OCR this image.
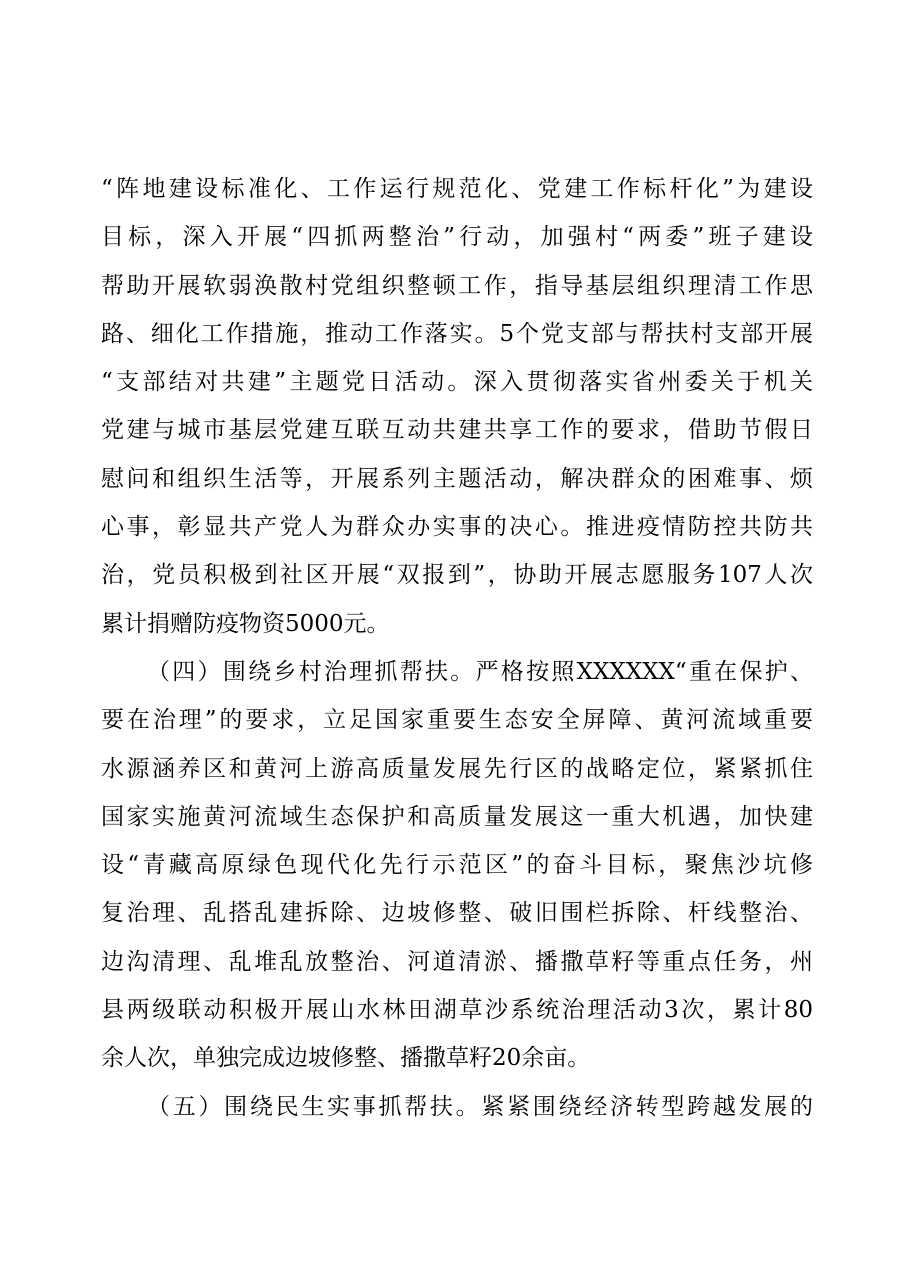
“阵地建设标准化、工作运行规范化、党建工作标杆化”为建设
目标，深入开展“四抓两整治”行动，加强村“两委”班子建设
帮助开展软弱涣散村党组织整顿工作，指导基层组织理清工作思
路、细化工作措施，推动工作落实。5个党支部与帮扶村支部开展
“支部结对共建”主题党日活动。深入贯彻落实省州委关于机关
党建与城市基层党建互联互动共建共享工作的要求，借助节假日
慰问和组织生活等，开展系列主题活动，解决群众的困难事、烦
心事，彰显共产党人为群众办实事的决心。推进疫情防控共防共
治，党员积极到社区开展“双报到”，协助开展志愿服务107人次
累计捐赠防疫物资5000元。
（四）围绕乡村治理抓帮扶。严格按照XXXXXX“重在保护、
要在治理”的要求，立足国家重要生态安全屏障、黄河流域重要
水源涵养区和黄河上游高质量发展先行区的战略定位，紧紧抓住
国家实施黄河流域生态保护和高质量发展这一重大机遇，加快建
设“青藏高原绿色现代化先行示范区”的奋斗目标，聚焦沙坑修
复治理、乱搭乱建拆除、边坡修整、破旧围栏拆除、杆线整治、
边沟清理、乱堆乱放整治、河道清淤、播撒草籽等重点任务，州
县两级联动积极开展山水林田湖草沙系统治理活动3次，累计80
余人次，单独完成边坡修整、播撒草籽20余亩。
（五）围绕民生实事抓帮扶。紧紧围绕经济转型跨越发展的
